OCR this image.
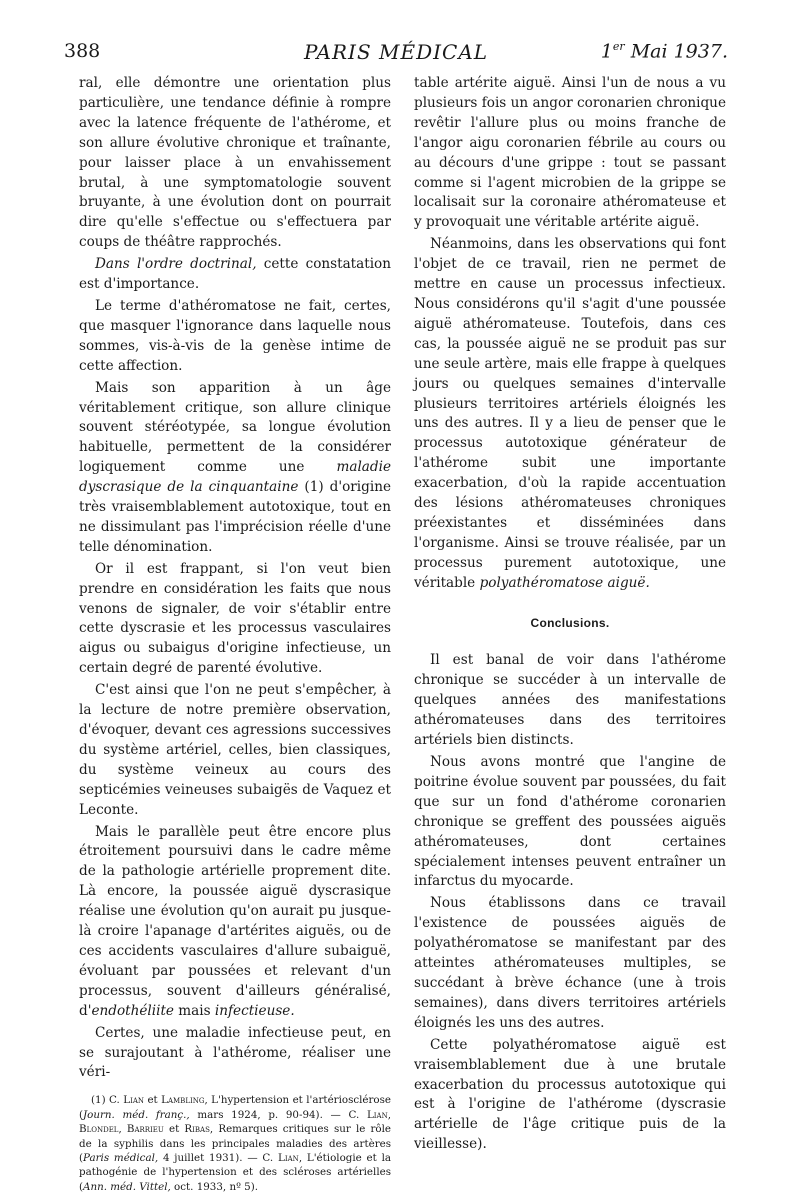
388	PARIS MÉDICAL	1er Mai 1937.

ral, elle démontre une orientation plus particulière, une tendance définie à rompre avec la latence fréquente de l'athérome, et son allure évolutive chronique et traînante, pour laisser place à un envahissement brutal, à une symptomatologie souvent bruyante, à une évolution dont on pourrait dire qu'elle s'effectue ou s'effectuera par coups de théâtre rapprochés.

Dans l'ordre doctrinal, cette constatation est d'importance.

Le terme d'athéromatose ne fait, certes, que masquer l'ignorance dans laquelle nous sommes, vis-à-vis de la genèse intime de cette affection.

Mais son apparition à un âge véritablement critique, son allure clinique souvent stéréotypée, sa longue évolution habituelle, permettent de la considérer logiquement comme une maladie dyscrasique de la cinquantaine (1) d'origine très vraisemblablement autotoxique, tout en ne dissimulant pas l'imprécision réelle d'une telle dénomination.

Or il est frappant, si l'on veut bien prendre en considération les faits que nous venons de signaler, de voir s'établir entre cette dyscrasie et les processus vasculaires aigus ou subaigus d'origine infectieuse, un certain degré de parenté évolutive.

C'est ainsi que l'on ne peut s'empêcher, à la lecture de notre première observation, d'évoquer, devant ces agressions successives du système artériel, celles, bien classiques, du système veineux au cours des septicémies veineuses subaigës de Vaquez et Leconte.

Mais le parallèle peut être encore plus étroitement poursuivi dans le cadre même de la pathologie artérielle proprement dite. Là encore, la poussée aiguë dyscrasique réalise une évolution qu'on aurait pu jusque-là croire l'apanage d'artérites aiguës, ou de ces accidents vasculaires d'allure subaiguë, évoluant par poussées et relevant d'un processus, souvent d'ailleurs généralisé, d'endothéliite mais infectieuse.

Certes, une maladie infectieuse peut, en se surajoutant à l'athérome, réaliser une véri-

(1) C. Lian et Lambling, L'hypertension et l'artériosclérose (Journ. méd. franç., mars 1924, p. 90-94). — C. Lian, Blondel, Barrieu et Ribas, Remarques critiques sur le rôle de la syphilis dans les principales maladies des artères (Paris médical, 4 juillet 1931). — C. Lian, L'étiologie et la pathogénie de l'hypertension et des scléroses artérielles (Ann. méd. Vittel, oct. 1933, nº 5).

table artérite aiguë. Ainsi l'un de nous a vu plusieurs fois un angor coronarien chronique revêtir l'allure plus ou moins franche de l'angor aigu coronarien fébrile au cours ou au décours d'une grippe : tout se passant comme si l'agent microbien de la grippe se localisait sur la coronaire athéromateuse et y provoquait une véritable artérite aiguë.

Néanmoins, dans les observations qui font l'objet de ce travail, rien ne permet de mettre en cause un processus infectieux. Nous considérons qu'il s'agit d'une poussée aiguë athéromateuse. Toutefois, dans ces cas, la poussée aiguë ne se produit pas sur une seule artère, mais elle frappe à quelques jours ou quelques semaines d'intervalle plusieurs territoires artériels éloignés les uns des autres. Il y a lieu de penser que le processus autotoxique générateur de l'athérome subit une importante exacerbation, d'où la rapide accentuation des lésions athéromateuses chroniques préexistantes et disséminées dans l'organisme. Ainsi se trouve réalisée, par un processus purement autotoxique, une véritable polyathéromatose aiguë.

Conclusions.

Il est banal de voir dans l'athérome chronique se succéder à un intervalle de quelques années des manifestations athéromateuses dans des territoires artériels bien distincts.

Nous avons montré que l'angine de poitrine évolue souvent par poussées, du fait que sur un fond d'athérome coronarien chronique se greffent des poussées aiguës athéromateuses, dont certaines spécialement intenses peuvent entraîner un infarctus du myocarde.

Nous établissons dans ce travail l'existence de poussées aiguës de polyathéromatose se manifestant par des atteintes athéromateuses multiples, se succédant à brève échance (une à trois semaines), dans divers territoires artériels éloignés les uns des autres.

Cette polyathéromatose aiguë est vraisemblablement due à une brutale exacerbation du processus autotoxique qui est à l'origine de l'athérome (dyscrasie artérielle de l'âge critique puis de la vieillesse).
